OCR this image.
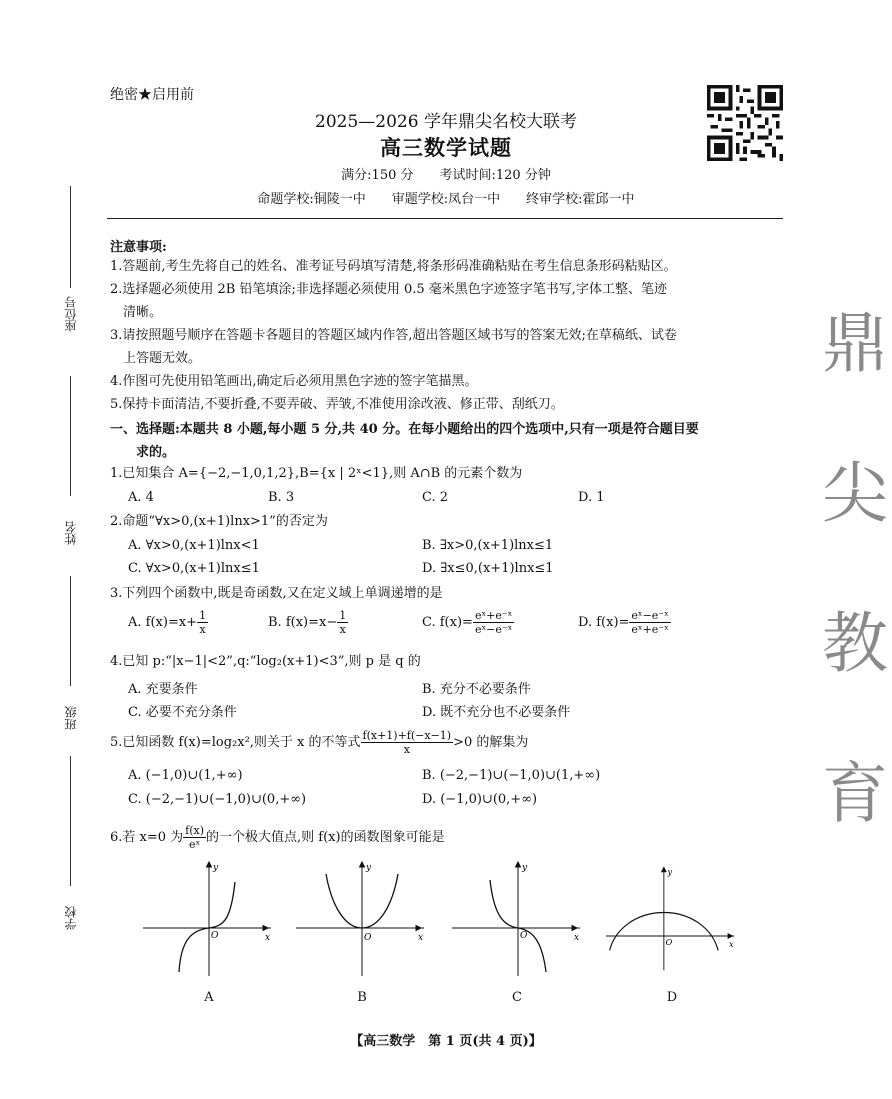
绝密★启用前
2025—2026 学年鼎尖名校大联考
高三数学试题
满分:150 分　　考试时间:120 分钟
命题学校:铜陵一中　　审题学校:凤台一中　　终审学校:霍邱一中
座位号
姓名
班级
学校
鼎
尖
教
育
注意事项:
1.答题前,考生先将自己的姓名、准考证号码填写清楚,将条形码准确粘贴在考生信息条形码粘贴区。
2.选择题必须使用 2B 铅笔填涂;非选择题必须使用 0.5 毫米黑色字迹签字笔书写,字体工整、笔迹
清晰。
3.请按照题号顺序在答题卡各题目的答题区域内作答,超出答题区域书写的答案无效;在草稿纸、试卷
上答题无效。
4.作图可先使用铅笔画出,确定后必须用黑色字迹的签字笔描黑。
5.保持卡面清洁,不要折叠,不要弄破、弄皱,不准使用涂改液、修正带、刮纸刀。
一、选择题:本题共 8 小题,每小题 5 分,共 40 分。在每小题给出的四个选项中,只有一项是符合题目要
求的。
1.已知集合 A={−2,−1,0,1,2},B={x | 2ˣ<1},则 A∩B 的元素个数为
A. 4	B. 3	C. 2	D. 1
2.命题“∀x>0,(x+1)lnx>1”的否定为
A. ∀x>0,(x+1)lnx<1	B. ∃x>0,(x+1)lnx≤1
C. ∀x>0,(x+1)lnx≤1	D. ∃x≤0,(x+1)lnx≤1
3.下列四个函数中,既是奇函数,又在定义域上单调递增的是
A. $f(x)=x+ \frac{1}{x}$	B. $f(x)=x- \frac{1}{x}$	C. $f(x)= \frac{\text{eˣ+e⁻ˣ}}{\text{eˣ−e⁻ˣ}}$	D. $f(x)= \frac{\text{eˣ−e⁻ˣ}}{\text{eˣ+e⁻ˣ}}$
4.已知 p:“|x−1|<2”,q:“log₂(x+1)<3”,则 p 是 q 的
A. 充要条件	B. 充分不必要条件
C. 必要不充分条件	D. 既不充分也不必要条件
5.已知函数 f(x)=log₂x²,则关于 x 的不等式 $\frac{f(x+1)+f(-x-1)}{x} >0$ 的解集为
A. (−1,0)∪(1,+∞)	B. (−2,−1)∪(−1,0)∪(1,+∞)
C. (−2,−1)∪(−1,0)∪(0,+∞)	D. (−1,0)∪(0,+∞)
6.若 x=0 为 $\frac{f(x)}{\text{eˣ}}$ 的一个极大值点,则 f(x)的函数图象可能是
y
x
O
A
y
x
O
B
y
x
O
C
y
x
O
D
【高三数学　第 1 页(共 4 页)】
